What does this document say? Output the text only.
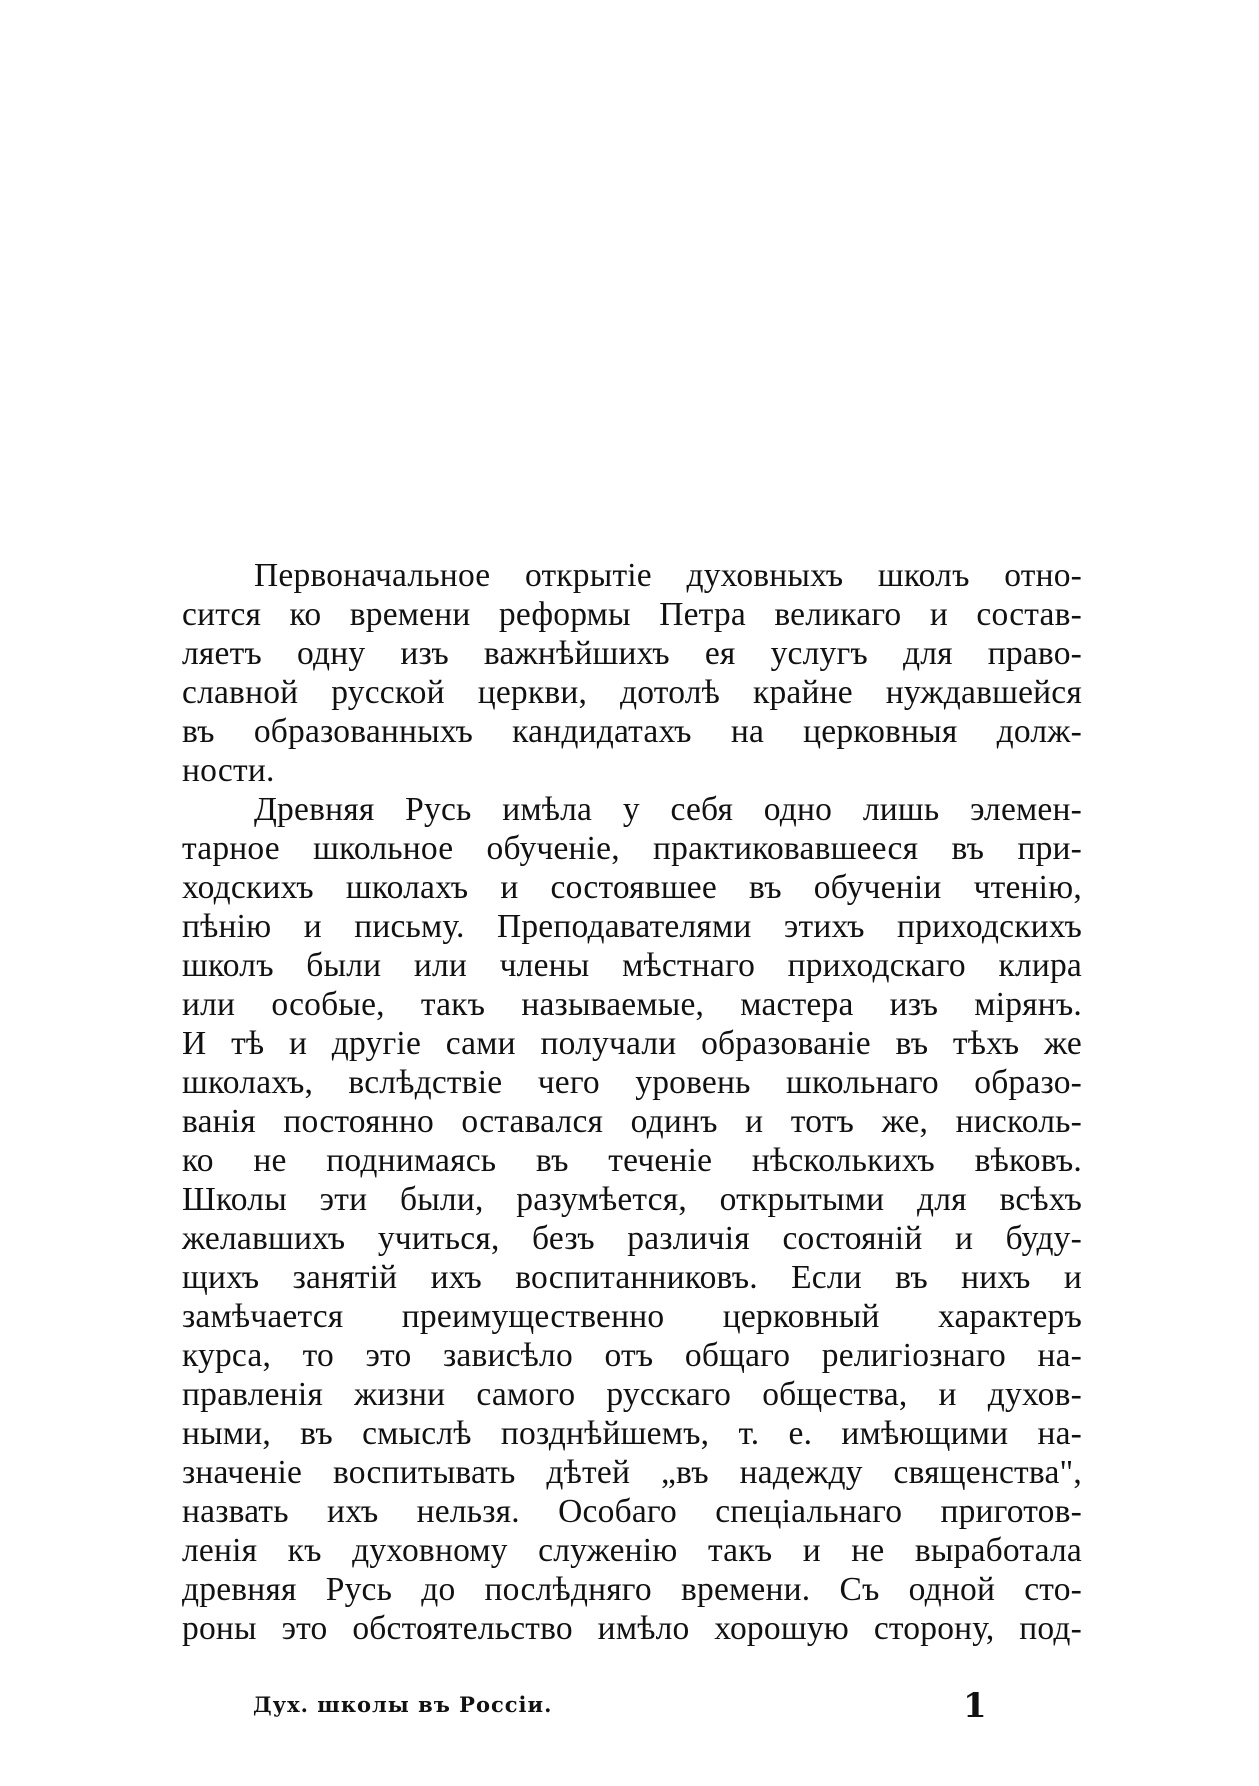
Первоначальное открытіе духовныхъ школъ отно-
сится ко времени реформы Петра великаго и состав-
ляетъ одну изъ важнѣйшихъ ея услугъ для право-
славной русской церкви, дотолѣ крайне нуждавшейся
въ образованныхъ кандидатахъ на церковныя долж-
ности.
Древняя Русь имѣла у себя одно лишь элемен-
тарное школьное обученіе, практиковавшееся въ при-
ходскихъ школахъ и состоявшее въ обученіи чтенію,
пѣнію и письму. Преподавателями этихъ приходскихъ
школъ были или члены мѣстнаго приходскаго клира
или особые, такъ называемые, мастера изъ мірянъ.
И тѣ и другіе сами получали образованіе въ тѣхъ же
школахъ, вслѣдствіе чего уровень школьнаго образо-
ванія постоянно оставался одинъ и тотъ же, нисколь-
ко не поднимаясь въ теченіе нѣсколькихъ вѣковъ.
Школы эти были, разумѣется, открытыми для всѣхъ
желавшихъ учиться, безъ различія состояній и буду-
щихъ занятій ихъ воспитанниковъ. Если въ нихъ и
замѣчается преимущественно церковный характеръ
курса, то это зависѣло отъ общаго религіознаго на-
правленія жизни самого русскаго общества, и духов-
ными, въ смыслѣ позднѣйшемъ, т. е. имѣющими на-
значеніе воспитывать дѣтей „въ надежду священства",
назвать ихъ нельзя. Особаго спеціальнаго приготов-
ленія къ духовному служенію такъ и не выработала
древняя Русь до послѣдняго времени. Съ одной сто-
роны это обстоятельство имѣло хорошую сторону, под-
Дух. школы въ Россіи.	1
